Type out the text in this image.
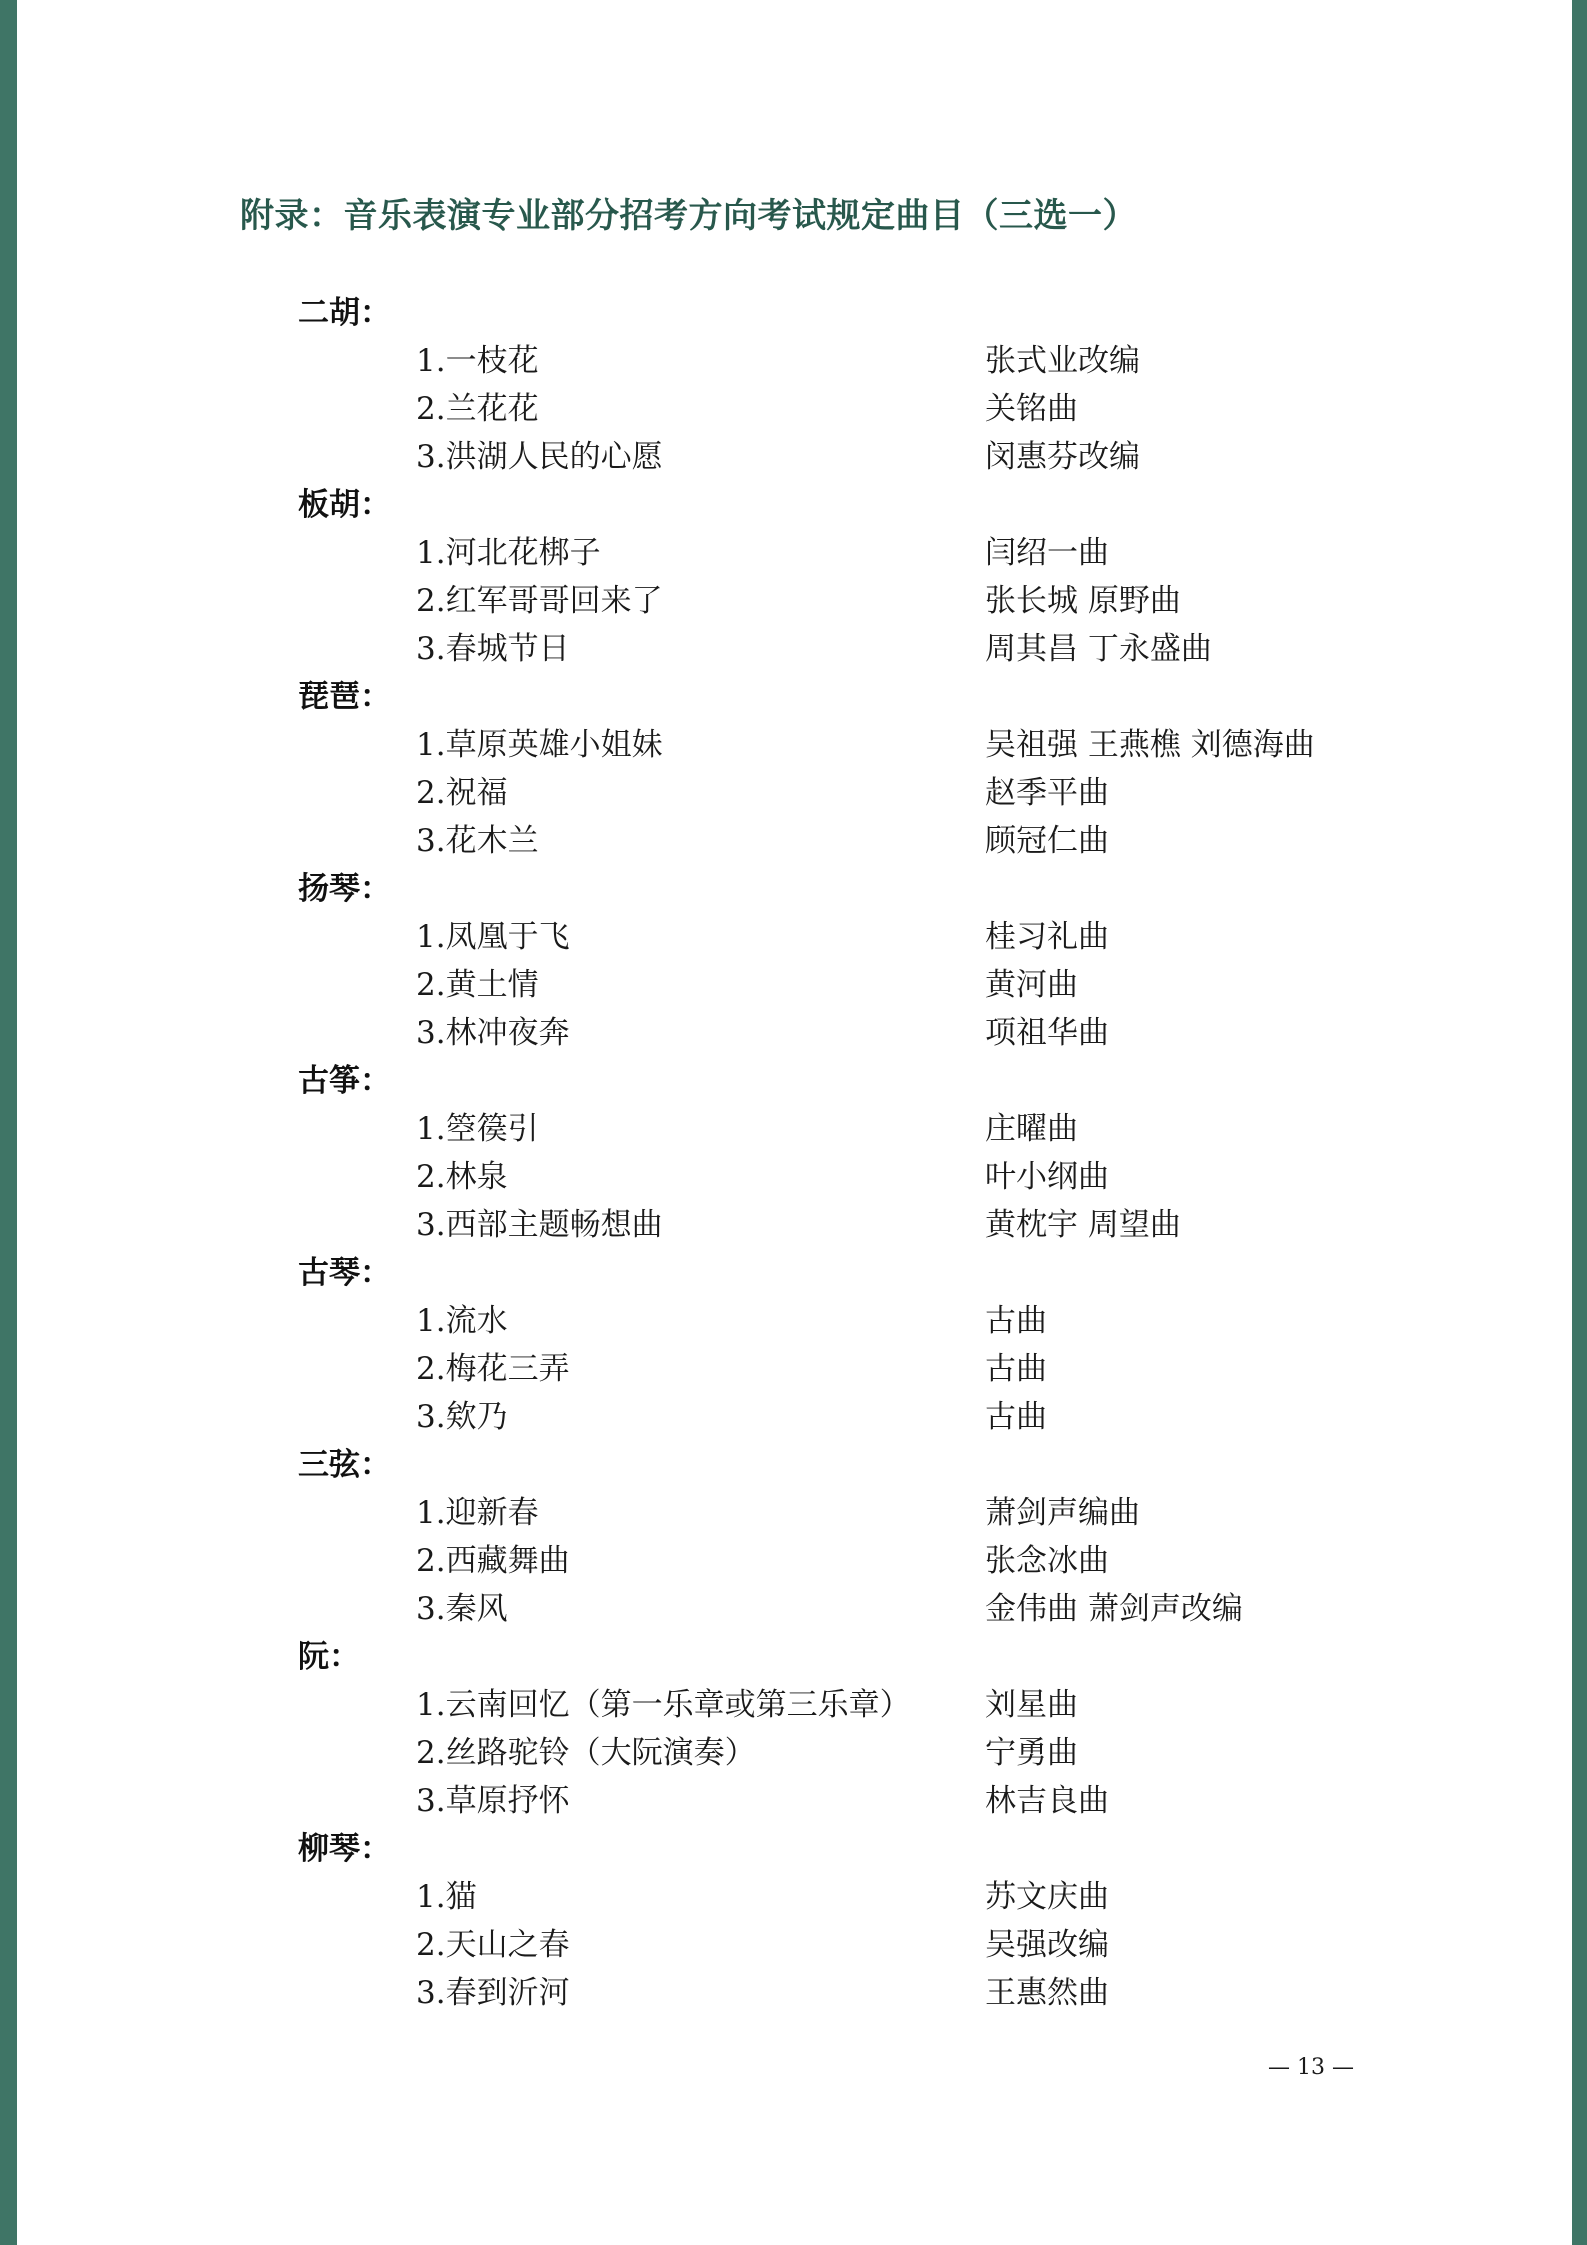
附录：音乐表演专业部分招考方向考试规定曲目（三选一）
二胡：
1.一枝花	张式业改编
2.兰花花	关铭曲
3.洪湖人民的心愿	闵惠芬改编
板胡：
1.河北花梆子	闫绍一曲
2.红军哥哥回来了	张长城 原野曲
3.春城节日	周其昌 丁永盛曲
琵琶：
1.草原英雄小姐妹	吴祖强 王燕樵 刘德海曲
2.祝福	赵季平曲
3.花木兰	顾冠仁曲
扬琴：
1.凤凰于飞	桂习礼曲
2.黄土情	黄河曲
3.林冲夜奔	项祖华曲
古筝：
1.箜篌引	庄曜曲
2.林泉	叶小纲曲
3.西部主题畅想曲	黄枕宇 周望曲
古琴：
1.流水	古曲
2.梅花三弄	古曲
3.欸乃	古曲
三弦：
1.迎新春	萧剑声编曲
2.西藏舞曲	张念冰曲
3.秦风	金伟曲 萧剑声改编
阮：
1.云南回忆（第一乐章或第三乐章） 刘星曲
2.丝路驼铃（大阮演奏）	宁勇曲
3.草原抒怀	林吉良曲
柳琴：
1.猫	苏文庆曲
2.天山之春	吴强改编
3.春到沂河	王惠然曲
— 13 —
